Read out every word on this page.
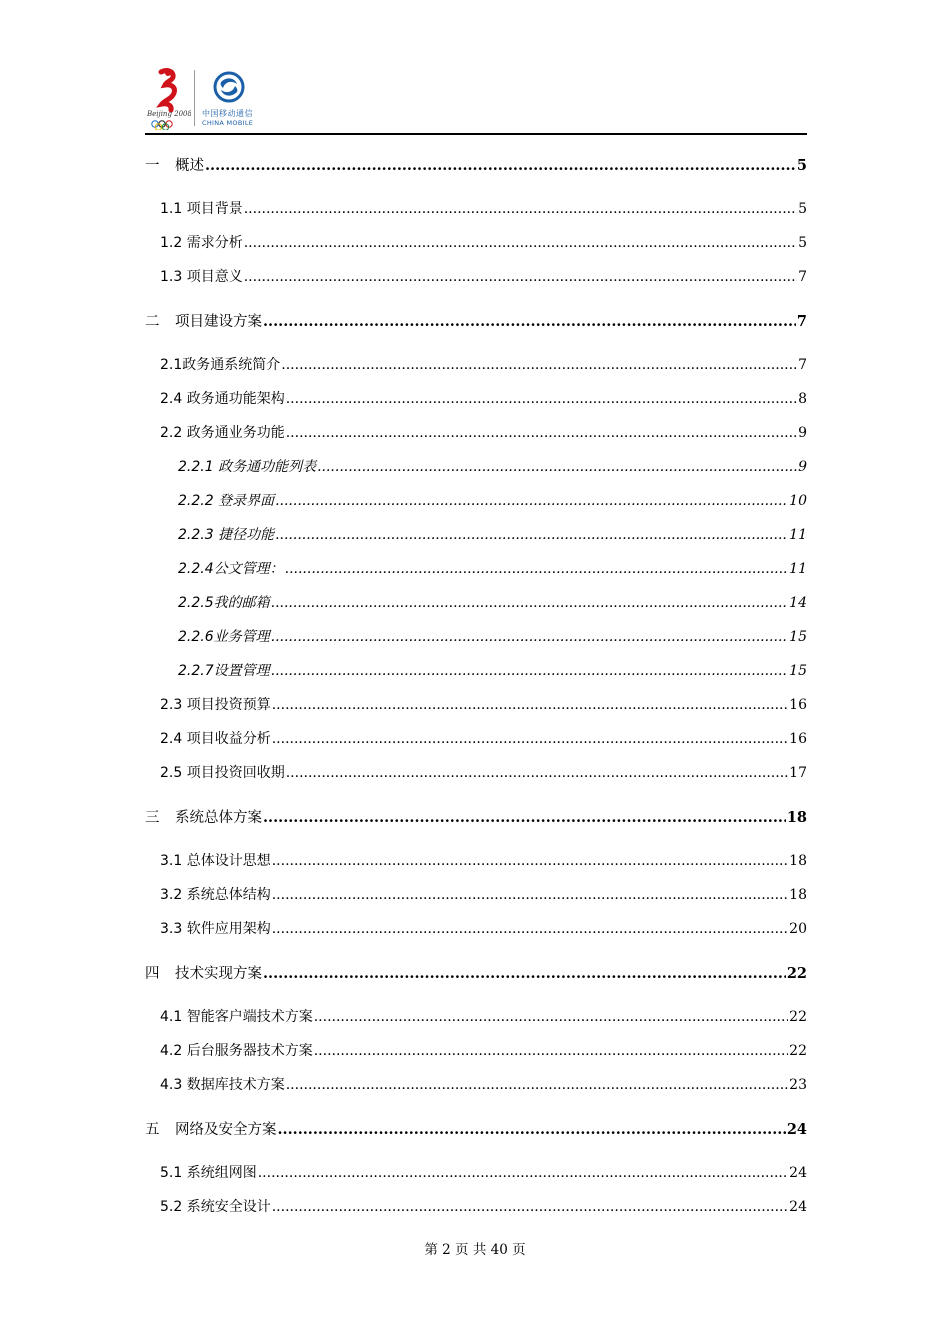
Beijing 2008 中国移动通信
CHINA MOBILE
一	概述 .....	5
1.1 项目背景 .....	5
1.2 需求分析 .....	5
1.3 项目意义 .....	7
二	项目建设方案 .....	7
2.1政务通系统简介 .....	7
2.4 政务通功能架构 .....	8
2.2 政务通业务功能 .....	9
2.2.1 政务通功能列表 .....	9
2.2.2 登录界面 .....	10
2.2.3 捷径功能 .....	11
2.2.4公文管理： .....	11
2.2.5我的邮箱 .....	14
2.2.6业务管理 .....	15
2.2.7设置管理 .....	15
2.3 项目投资预算 .....	16
2.4 项目收益分析 .....	16
2.5 项目投资回收期 .....	17
三	系统总体方案 .....	18
3.1 总体设计思想 .....	18
3.2 系统总体结构 .....	18
3.3 软件应用架构 .....	20
四	技术实现方案 .....	22
4.1 智能客户端技术方案 .....	22
4.2 后台服务器技术方案 .....	22
4.3 数据库技术方案 .....	23
五	网络及安全方案 .....	24
5.1 系统组网图 .....	24
5.2 系统安全设计 .....	24
第 2 页 共 40 页
